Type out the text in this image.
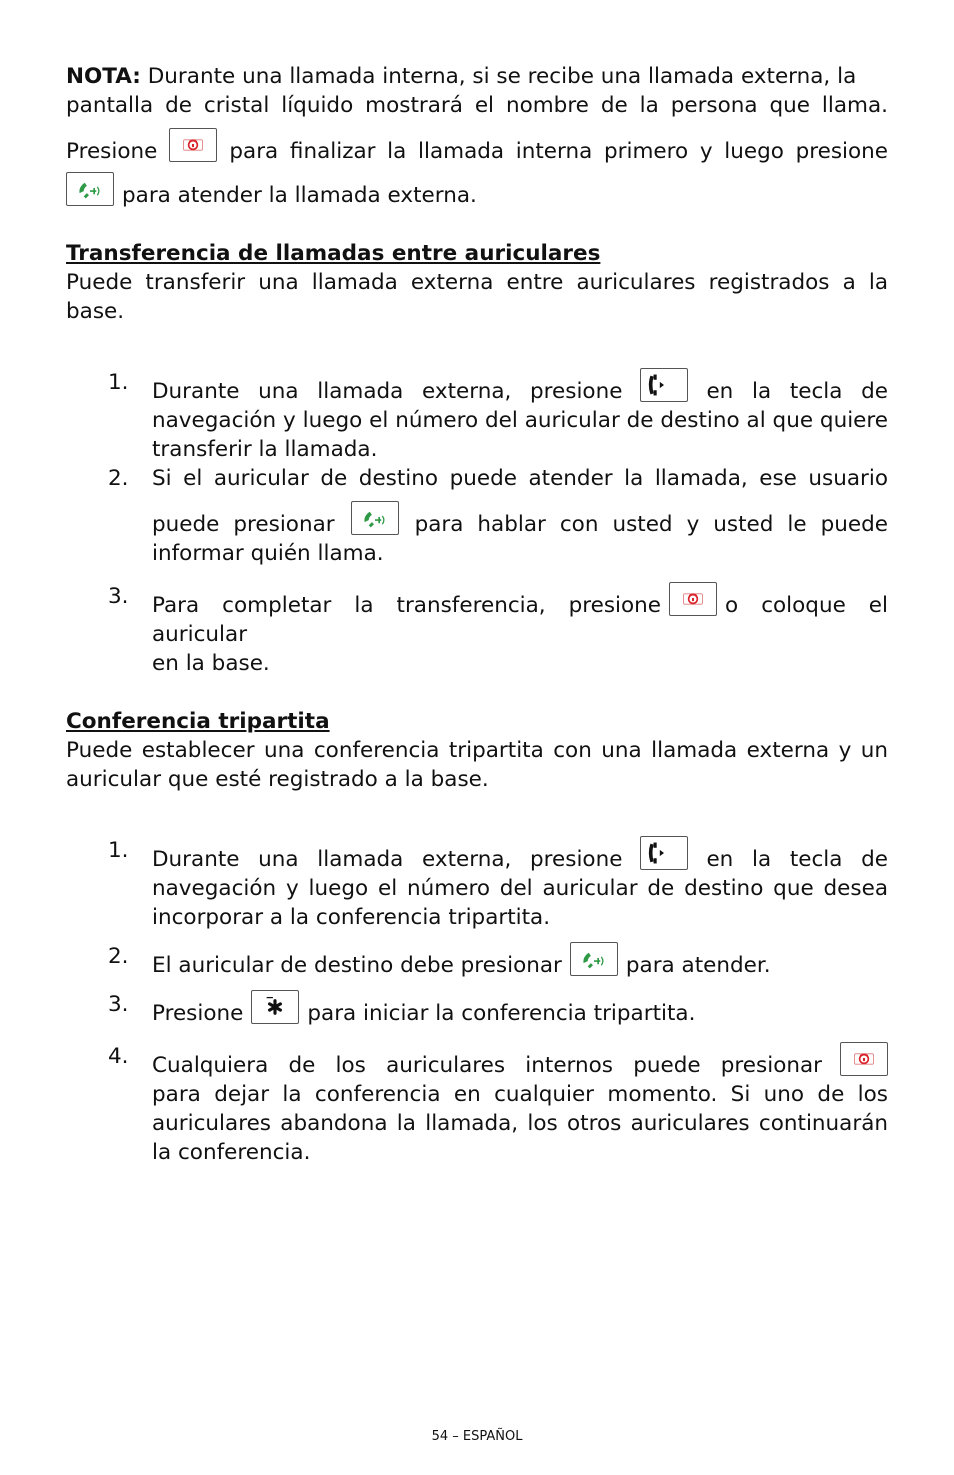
NOTA: Durante una llamada interna, si se recibe una llamada externa, la

pantalla de cristal líquido mostrará el nombre de la persona que llama.

Presione	para finalizar la llamada interna primero y luego presione

para atender la llamada externa.

Transferencia de llamadas entre auriculares

Puede transferir una llamada externa entre auriculares registrados a la

base.

1. Durante una llamada externa, presione	en la tecla de

navegación y luego el número del auricular de destino al que quiere

transferir la llamada.

2. Si el auricular de destino puede atender la llamada, ese usuario

puede presionar	para hablar con usted y usted le puede

informar quién llama.

3. Para completar la transferencia, presione	o coloque el auricular

en la base.

Conferencia tripartita

Puede establecer una conferencia tripartita con una llamada externa y un

auricular que esté registrado a la base.

1. Durante una llamada externa, presione	en la tecla de

navegación y luego el número del auricular de destino que desea

incorporar a la conferencia tripartita.

2. El auricular de destino debe presionar	para atender.

3. Presione	para iniciar la conferencia tripartita.

4. Cualquiera de los auriculares internos puede presionar

para dejar la conferencia en cualquier momento. Si uno de los

auriculares abandona la llamada, los otros auriculares continuarán

la conferencia.

54 – ESPAÑOL
